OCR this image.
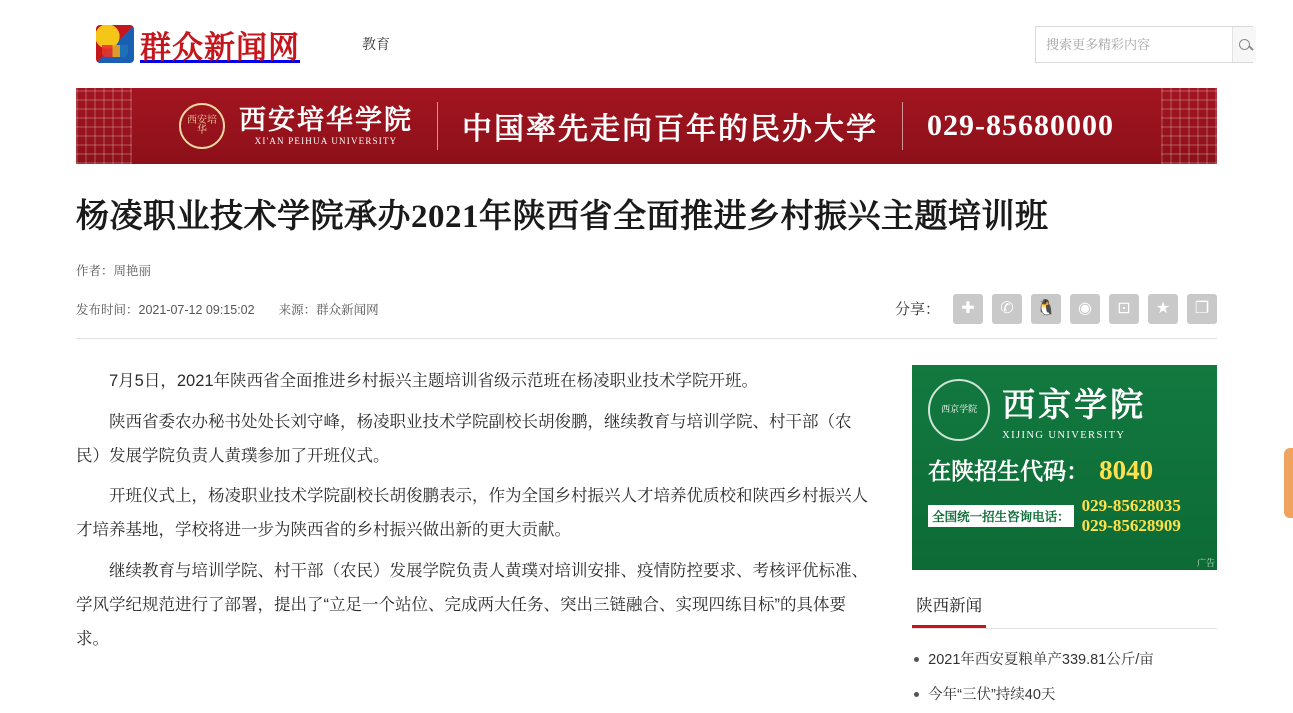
群众新闻网	教育
搜索更多精彩内容
西安培华	西安培华学院
XI'AN PEIHUA UNIVERSITY	中国率先走向百年的民办大学 029-85680000
杨凌职业技术学院承办2021年陕西省全面推进乡村振兴主题培训班
作者：周艳丽
发布时间：2021-07-12 09:15:02 来源：群众新闻网	分享：	✚	✆	🐧	◉	⊡	★	❐

7月5日，2021年陕西省全面推进乡村振兴主题培训省级示范班在杨凌职业技术学院开班。

陕西省委农办秘书处处长刘守峰，杨凌职业技术学院副校长胡俊鹏，继续教育与培训学院、村干部（农民）发展学院负责人黄璞参加了开班仪式。

开班仪式上，杨凌职业技术学院副校长胡俊鹏表示，作为全国乡村振兴人才培养优质校和陕西乡村振兴人才培养基地，学校将进一步为陕西省的乡村振兴做出新的更大贡献。

继续教育与培训学院、村干部（农民）发展学院负责人黄璞对培训安排、疫情防控要求、考核评优标准、学风学纪规范进行了部署，提出了“立足一个站位、完成两大任务、突出三链融合、实现四练目标”的具体要求。

西京学院 西京学院
XIJING UNIVERSITY
在陕招生代码： 8040
全国统一招生咨询电话：
029-85628035
029-85628909
广告
陕西新闻
2021年西安夏粮单产339.81公斤/亩
今年“三伏”持续40天
